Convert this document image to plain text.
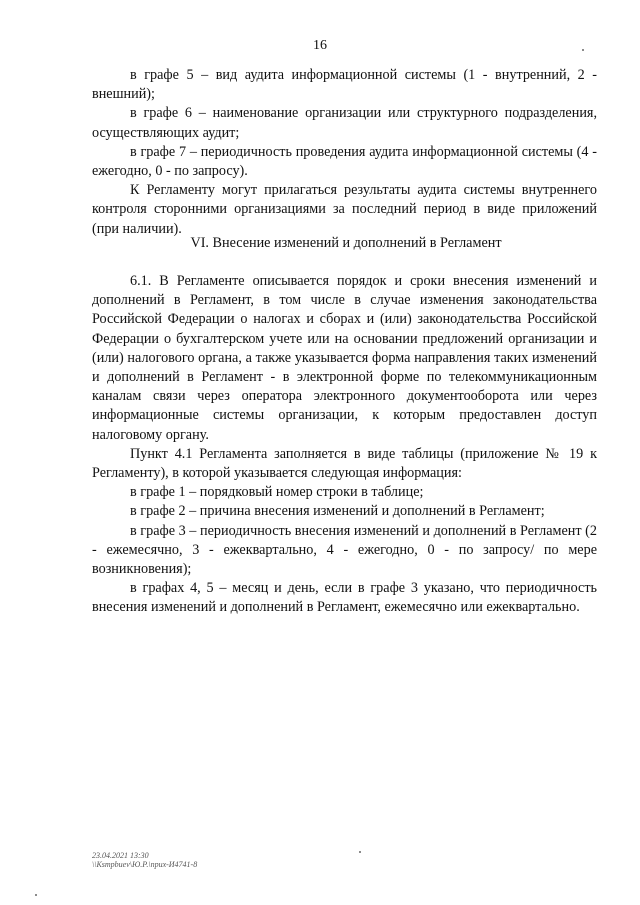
16

в графе 5 – вид аудита информационной системы (1 - внутренний, 2 - внешний);

в графе 6 – наименование организации или структурного подразделения, осуществляющих аудит;

в графе 7 – периодичность проведения аудита информационной системы (4 - ежегодно, 0 - по запросу).

К Регламенту могут прилагаться результаты аудита системы внутреннего контроля сторонними организациями за последний период в виде приложений (при наличии).

VI. Внесение изменений и дополнений в Регламент

6.1. В Регламенте описывается порядок и сроки внесения изменений и дополнений в Регламент, в том числе в случае изменения законодательства Российской Федерации о налогах и сборах и (или) законодательства Российской Федерации о бухгалтерском учете или на основании предложений организации и (или) налогового органа, а также указывается форма направления таких изменений и дополнений в Регламент - в электронной форме по телекоммуникационным каналам связи через оператора электронного документооборота или через информационные системы организации, к которым предоставлен доступ налоговому органу.

Пункт 4.1 Регламента заполняется в виде таблицы (приложение № 19 к Регламенту), в которой указывается следующая информация:

в графе 1 – порядковый номер строки в таблице;

в графе 2 – причина внесения изменений и дополнений в Регламент;

в графе 3 – периодичность внесения изменений и дополнений в Регламент (2 - ежемесячно, 3 - ежеквартально, 4 - ежегодно, 0 - по запросу/ по мере возникновения);

в графах 4, 5 – месяц и день, если в графе 3 указано, что периодичность внесения изменений и дополнений в Регламент, ежемесячно или ежеквартально.

23.04.2021 13:30
\\Ksmpbuev\Ю.Р.\приx-И4741-8
